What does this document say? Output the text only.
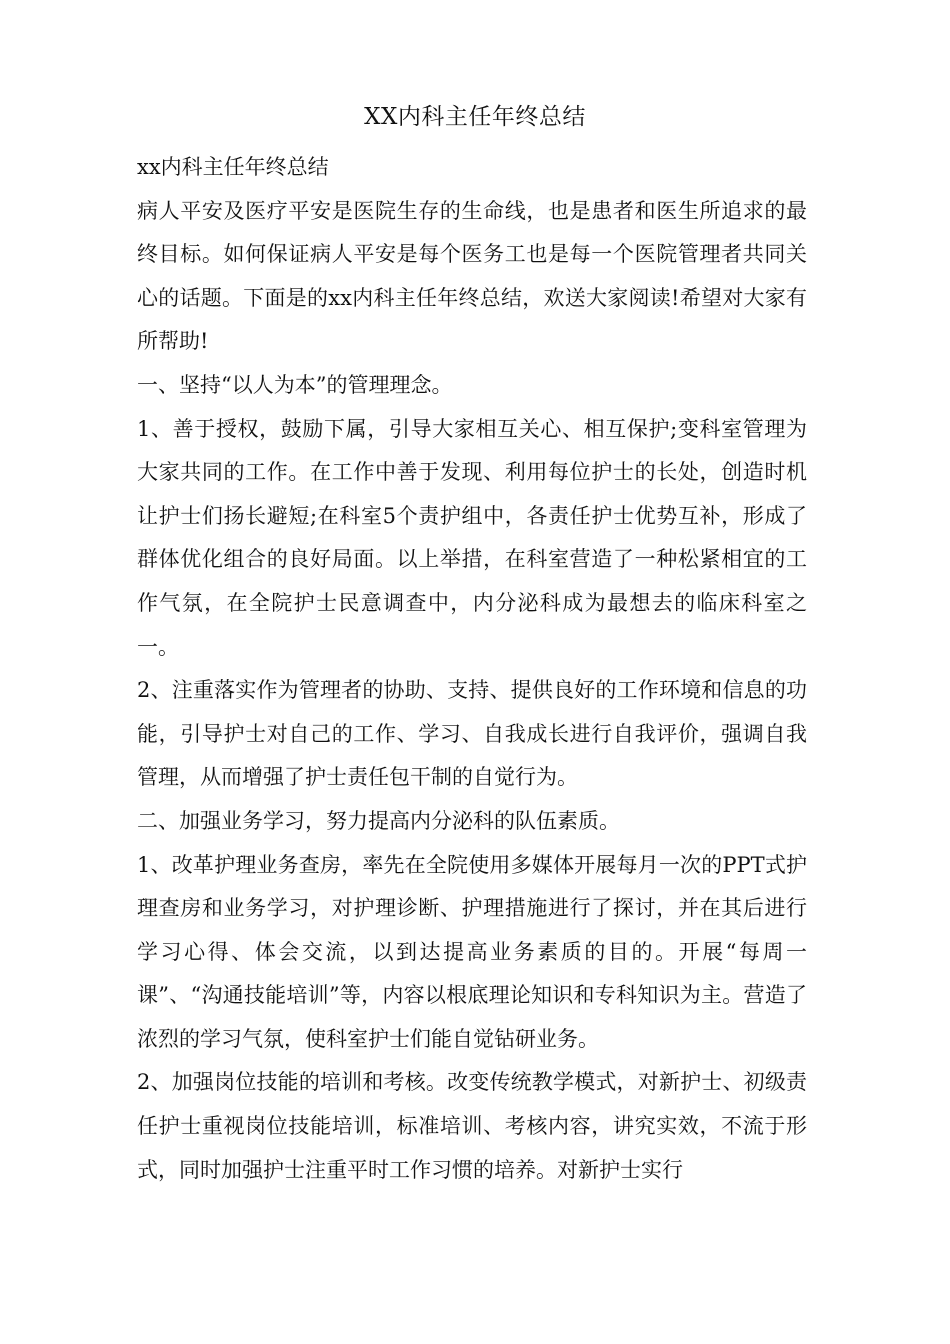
XX内科主任年终总结
xx内科主任年终总结
病人平安及医疗平安是医院生存的生命线，也是患者和医生所追求的最终目标。如何保证病人平安是每个医务工也是每一个医院管理者共同关心的话题。下面是的xx内科主任年终总结，欢送大家阅读!希望对大家有所帮助!
一、坚持“以人为本”的管理理念。
1、善于授权，鼓励下属，引导大家相互关心、相互保护;变科室管理为大家共同的工作。在工作中善于发现、利用每位护士的长处，创造时机让护士们扬长避短;在科室5个责护组中，各责任护士优势互补，形成了群体优化组合的良好局面。以上举措，在科室营造了一种松紧相宜的工作气氛，在全院护士民意调查中，内分泌科成为最想去的临床科室之一。
2、注重落实作为管理者的协助、支持、提供良好的工作环境和信息的功能，引导护士对自己的工作、学习、自我成长进行自我评价，强调自我管理，从而增强了护士责任包干制的自觉行为。
二、加强业务学习，努力提高内分泌科的队伍素质。
1、改革护理业务查房，率先在全院使用多媒体开展每月一次的PPT式护理查房和业务学习，对护理诊断、护理措施进行了探讨，并在其后进行学习心得、体会交流，以到达提高业务素质的目的。开展“每周一课”、“沟通技能培训”等，内容以根底理论知识和专科知识为主。营造了浓烈的学习气氛，使科室护士们能自觉钻研业务。
2、加强岗位技能的培训和考核。改变传统教学模式，对新护士、初级责任护士重视岗位技能培训，标准培训、考核内容，讲究实效，不流于形式，同时加强护士注重平时工作习惯的培养。对新护士实行
